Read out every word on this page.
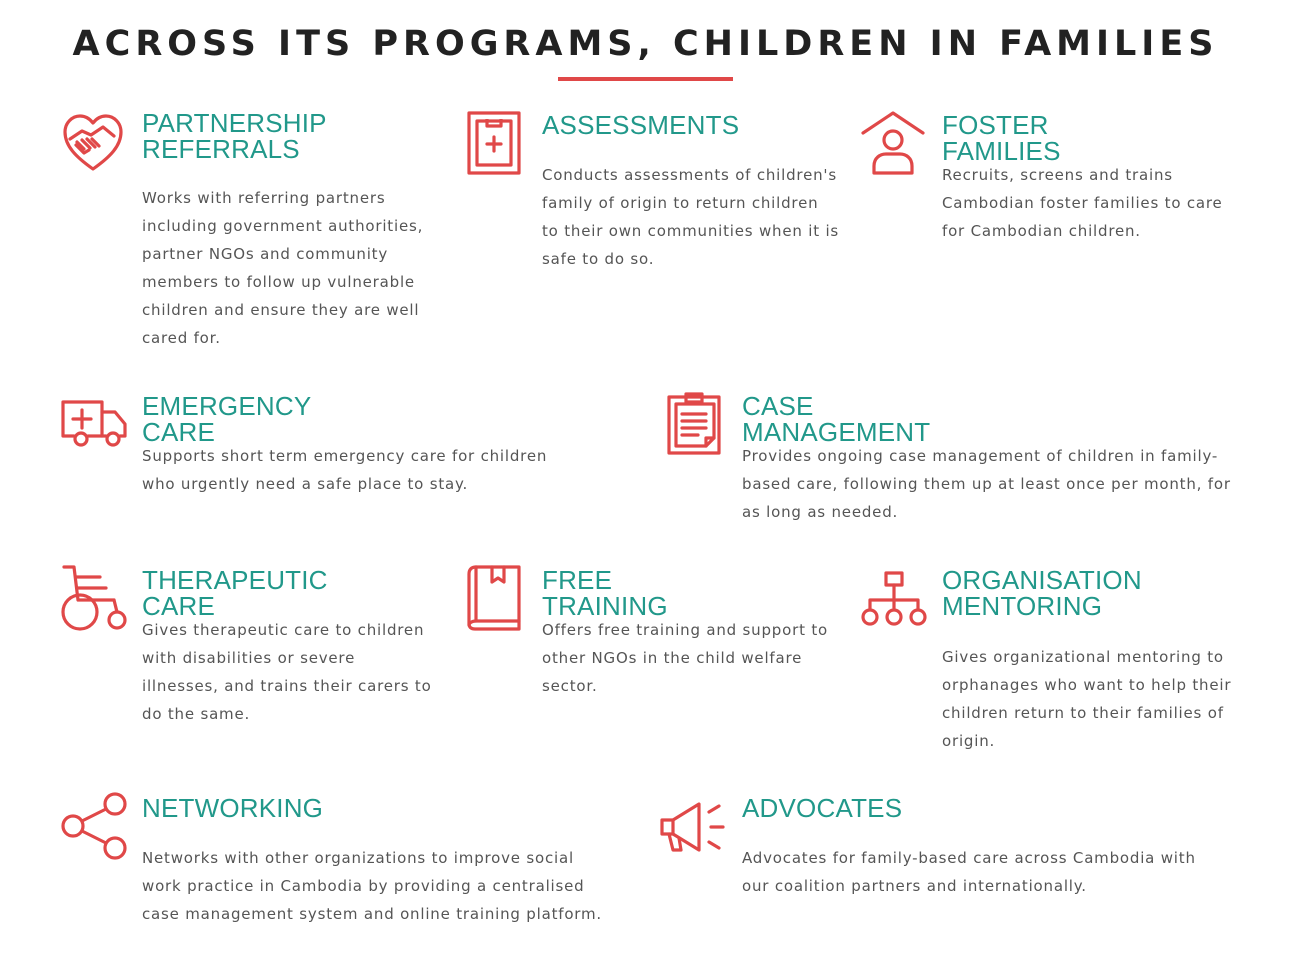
ACROSS ITS PROGRAMS, CHILDREN IN FAMILIES
PARTNERSHIP
REFERRALS

Works with referring partners including government authorities, partner NGOs and community members to follow up vulnerable children and ensure they are well cared for.

ASSESSMENTS

Conducts assessments of children's family of origin to return children to their own communities when it is safe to do so.

FOSTER FAMILIES

Recruits, screens and trains Cambodian foster families to care for Cambodian children.

EMERGENCY CARE

Supports short term emergency care for children who urgently need a safe place to stay.

CASE MANAGEMENT

Provides ongoing case management of children in family-based care, following them up at least once per month, for as long as needed.

THERAPEUTIC CARE

Gives therapeutic care to children with disabilities or severe illnesses, and trains their carers to do the same.

FREE TRAINING

Offers free training and support to other NGOs in the child welfare sector.

ORGANISATION
MENTORING

Gives organizational mentoring to orphanages who want to help their children return to their families of origin.

NETWORKING

Networks with other organizations to improve social work practice in Cambodia by providing a centralised case management system and online training platform.

ADVOCATES

Advocates for family-based care across Cambodia with our coalition partners and internationally.
